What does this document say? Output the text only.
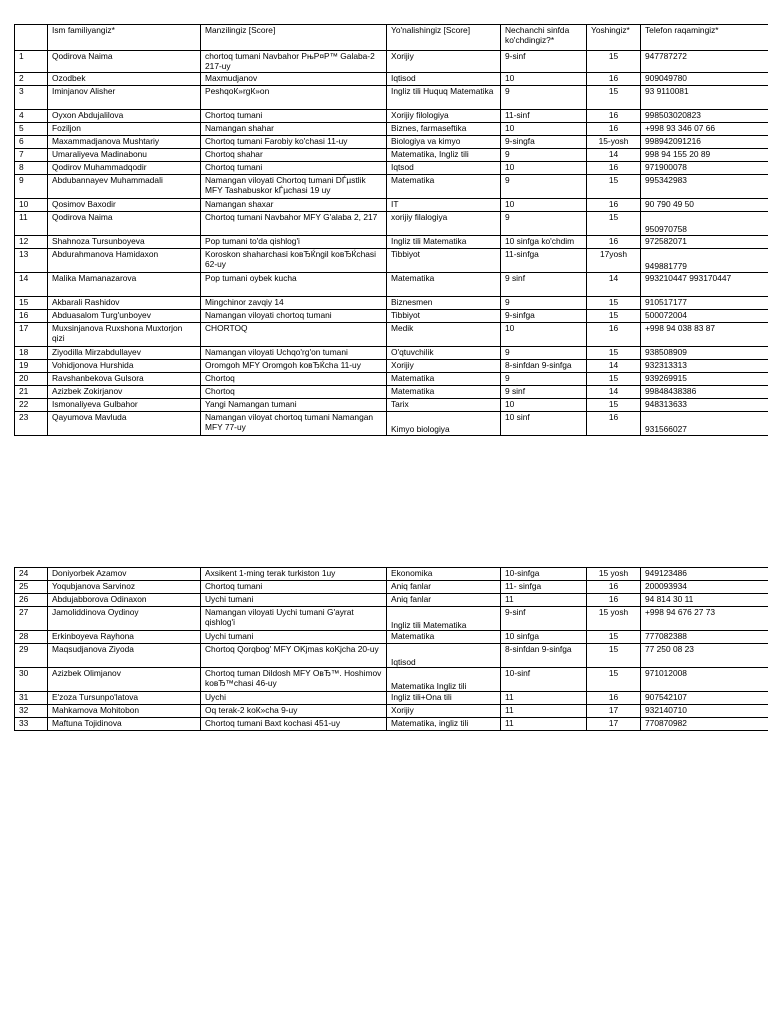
	Ism familiyangiz*	Manzilingiz [Score]	Yo'nalishingiz [Score]	Nechanchi sinfda ko'chdingiz?*	Yoshingiz*	Telefon raqamingiz*
1	Qodirova Naima	chortoq tumani Navbahor РњР¤Р™ Galaba-2 217-uy	Xorijiy	9-sinf	15	947787272
2	Ozodbek	Maxmudjanov	Iqtisod	10	16	909049780
3	Iminjanov Alisher	PeshqoК»rgК»on	Ingliz tili Huquq Matematika	9	15	93 9110081
4	Oyxon Abdujalilova	Chortoq tumani	Xorijiy filologiya	11-sinf	16	998503020823
5	Foziljon	Namangan shahar	Biznes, farmaseftika	10	16	+998 93 346 07 66
6	Maxammadjanova Mushtariy	Chortoq tumani Farobiy ko'chasi 11-uy	Biologiya va kimyo	9-singfa	15-yosh	998942091216
7	Umaraliyeva Madinabonu	Chortoq shahar	Matematika, Ingliz tili	9	14	998 94 155 20 89
8	Qodirov Muhammadqodir	Chortoq tumani	Iqtsod	10	16	971900078
9	Abdubannayev Muhammadali	Namangan viloyati Chortoq tumani DЃµstlik MFY Tashabuskor kЃµchasi 19 uy	Matematika	9	15	995342983
10	Qosimov Baxodir	Namangan shaxar	IT	10	16	90 790 49 50
11	Qodirova Naima	Chortoq tumani Navbahor MFY G'alaba 2, 217	xorijiy filalogiya	9	15	950970758
12	Shahnoza Tursunboyeva	Pop tumani to'da qishlog'i	Ingliz tili Matematika	10 sinfga ko'chdim	16	972582071
13	Abdurahmanova Hamidaxon	Koroskon shaharchasi koвЂЌngil koвЂЌchasi 62-uy	Tibbiyot	11-sinfga	17yosh	949881779
14	Malika Mamanazarova	Pop tumani oybek kucha	Matematika	9 sinf	14	993210447 993170447
15	Akbarali Rashidov	Mingchinor zavqiy 14	Biznesmen	9	15	910517177
16	Abduasalom Turg'unboyev	Namangan viloyati chortoq tumani	Tibbiyot	9-sinfga	15	500072004
17	Muxsinjanova Ruxshona Muxtorjon qizi	CHORTOQ	Medik	10	16	+998 94 038 83 87
18	Ziyodilla Mirzabdullayev	Namangan viloyati Uchqo'rg'on tumani	O'qtuvchilik	9	15	938508909
19	Vohidjonova Hurshida	Oromgoh MFY Oromgoh koвЂЌcha 11-uy	Xorijiy	8-sinfdan 9-sinfga	14	932313313
20	Ravshanbekova Gulsora	Chortoq	Matematika	9	15	939269915
21	Azizbek Zokirjanov	Chortoq	Matematika	9 sinf	14	99848438386
22	Ismonaliyeva Gulbahor	Yangi Namangan tumani	Tarix	10	15	948313633
23	Qayumova Mavluda	Namangan viloyat chortoq tumani Namangan MFY 77-uy	Kimyo biologiya	10 sinf	16	931566027
24	Doniyorbek Azamov	Axsikent 1-ming terak turkiston 1uy	Ekonomika	10-sinfga	15 yosh	949123486
25	Yoqubjanova Sarvinoz	Chortoq tumani	Aniq fanlar	11- sinfga	16	200093934
26	Abdujabborova Odinaxon	Uychi tumani	Aniq fanlar	11	16	94 814 30 11
27	Jamoliddinova Oydinoy	Namangan viloyati Uychi tumani G'ayrat qishlog'i	Ingliz tili Matematika	9-sinf	15 yosh	+998 94 676 27 73
28	Erkinboyeva Rayhona	Uychi tumani	Matematika	10 sinfga	15	777082388
29	Maqsudjanova Ziyoda	Chortoq Qorqbog' MFY OKjmas koKjcha 20-uy	Iqtisod	8-sinfdan 9-sinfga	15	77 250 08 23
30	Azizbek Olimjanov	Chortoq tuman Dildosh MFY OвЂ™. Hoshimov koвЂ™chasi 46-uy	Matematika Ingliz tili	10-sinf	15	971012008
31	E'zoza Tursunpo'latova	Uychi	Ingliz tili+Ona tili	11	16	907542107
32	Mahkamova Mohitobon	Oq terak-2 koК»cha 9-uy	Xorijiy	11	17	932140710
33	Maftuna Tojidinova	Chortoq tumani Baxt kochasi 451-uy	Matematika, ingliz tili	11	17	770870982
